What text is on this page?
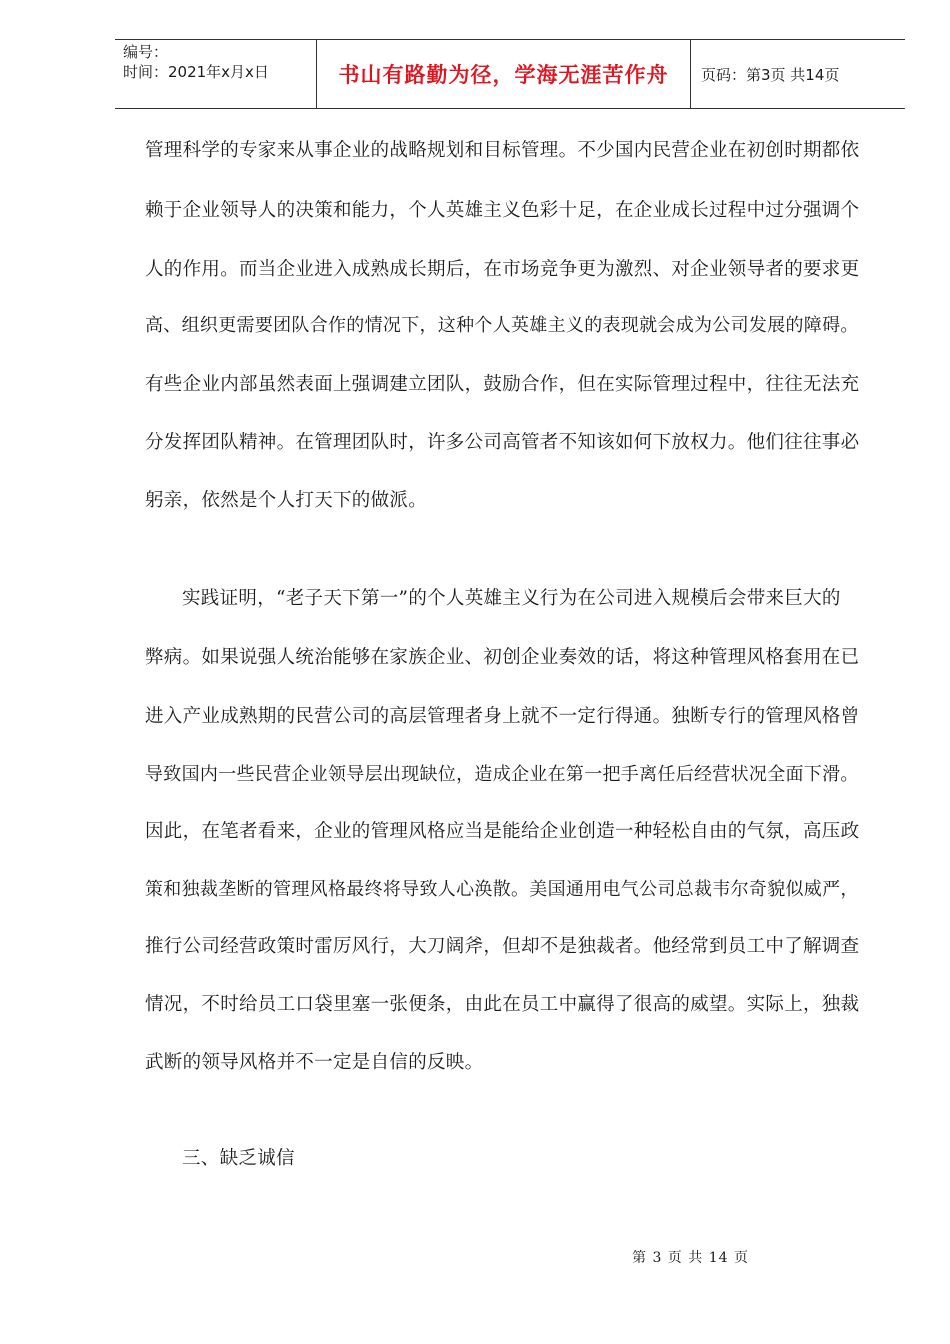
编号：
时间：2021年x月x日	书山有路勤为径，学海无涯苦作舟 页码：第3页 共14页
管理科学的专家来从事企业的战略规划和目标管理。不少国内民营企业在初创时期都依
赖于企业领导人的决策和能力，个人英雄主义色彩十足，在企业成长过程中过分强调个
人的作用。而当企业进入成熟成长期后，在市场竞争更为激烈、对企业领导者的要求更
高、组织更需要团队合作的情况下，这种个人英雄主义的表现就会成为公司发展的障碍。
有些企业内部虽然表面上强调建立团队，鼓励合作，但在实际管理过程中，往往无法充
分发挥团队精神。在管理团队时，许多公司高管者不知该如何下放权力。他们往往事必
躬亲，依然是个人打天下的做派。
实践证明，“老子天下第一”的个人英雄主义行为在公司进入规模后会带来巨大的
弊病。如果说强人统治能够在家族企业、初创企业奏效的话，将这种管理风格套用在已
进入产业成熟期的民营公司的高层管理者身上就不一定行得通。独断专行的管理风格曾
导致国内一些民营企业领导层出现缺位，造成企业在第一把手离任后经营状况全面下滑。
因此，在笔者看来，企业的管理风格应当是能给企业创造一种轻松自由的气氛，高压政
策和独裁垄断的管理风格最终将导致人心涣散。美国通用电气公司总裁韦尔奇貌似威严，
推行公司经营政策时雷厉风行，大刀阔斧，但却不是独裁者。他经常到员工中了解调查
情况，不时给员工口袋里塞一张便条，由此在员工中赢得了很高的威望。实际上，独裁
武断的领导风格并不一定是自信的反映。
三、缺乏诚信
第 3 页 共 14 页
